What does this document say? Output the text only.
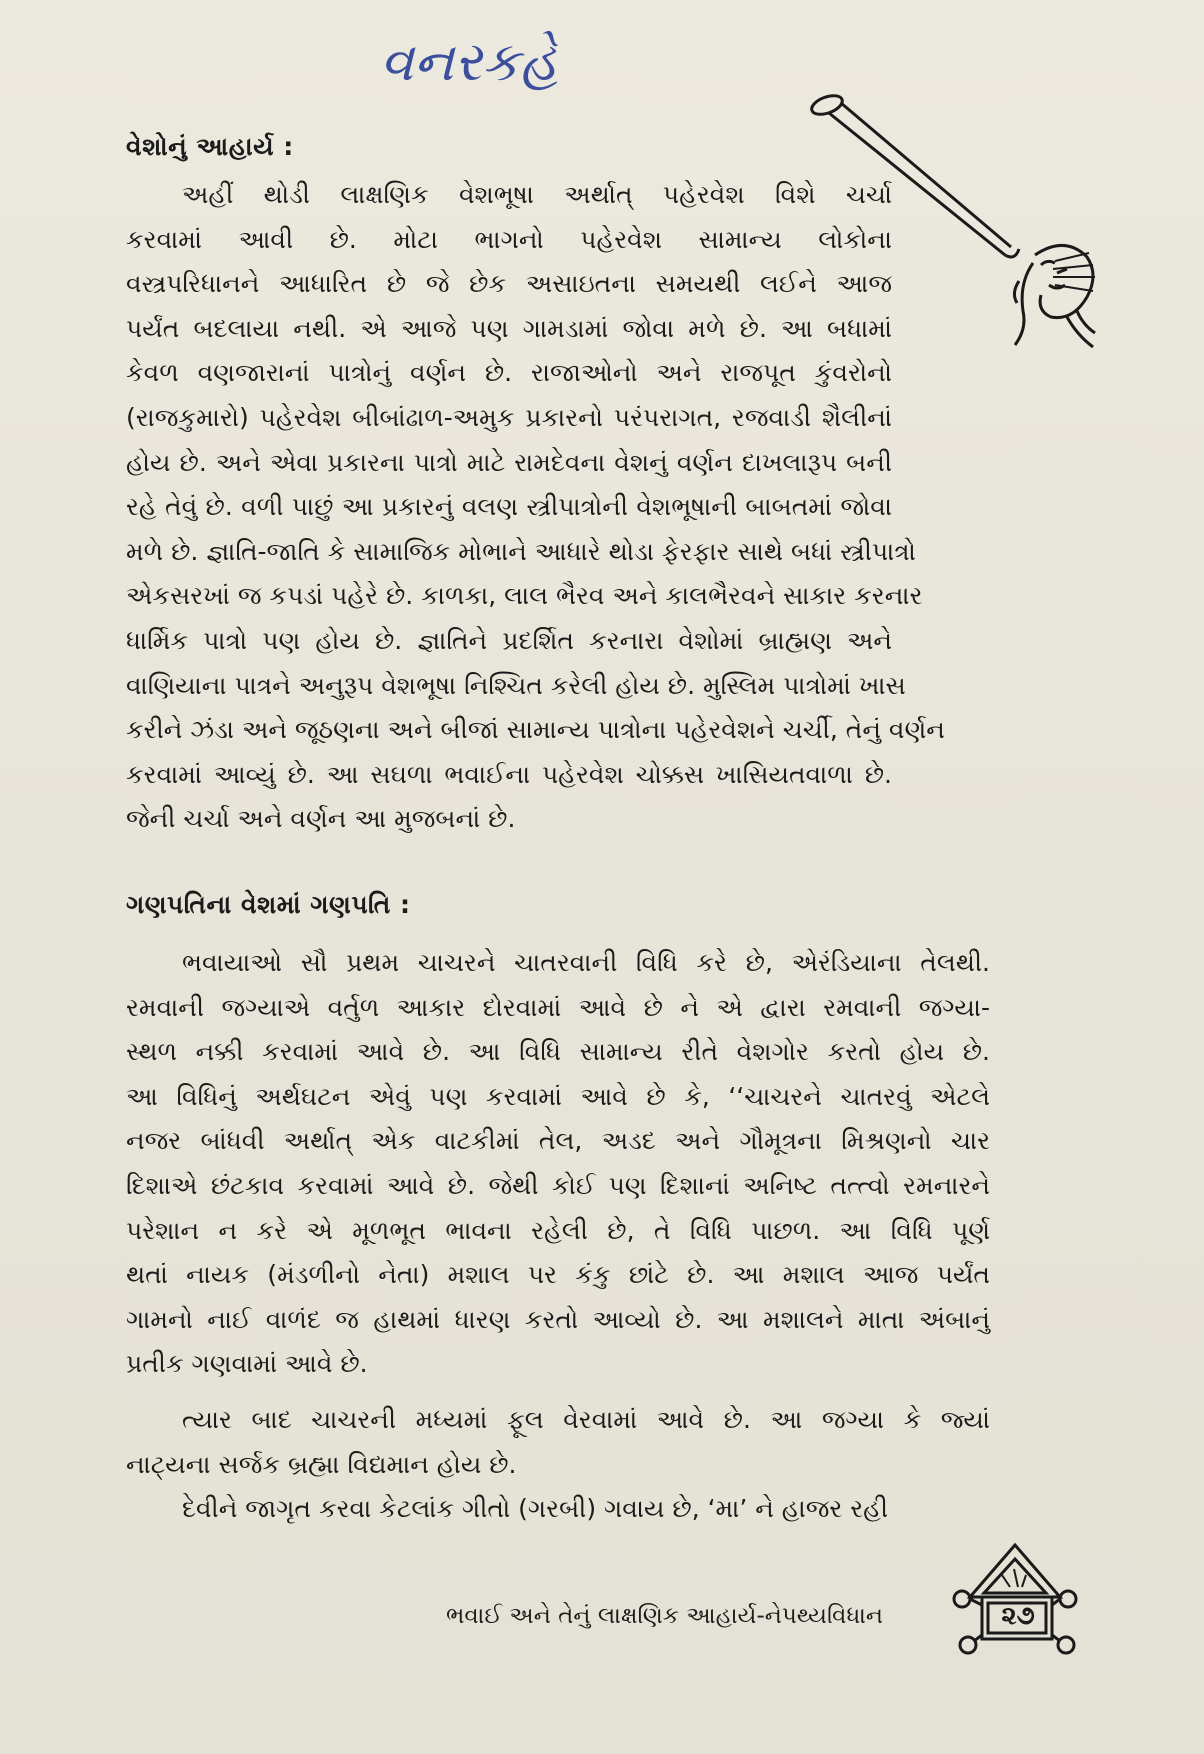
વનરકહે
વેશોનું આહાર્ય :
અહીં થોડી લાક્ષણિક વેશભૂષા અર્થાત્ પહેરવેશ વિશે ચર્ચા
કરવામાં આવી છે. મોટા ભાગનો પહેરવેશ સામાન્ય લોકોના
વસ્ત્રપરિધાનને આધારિત છે જે છેક અસાઇતના સમયથી લઈને આજ
પર્યંત બદલાયા નથી. એ આજે પણ ગામડામાં જોવા મળે છે. આ બધામાં
કેવળ વણજારાનાં પાત્રોનું વર્ણન છે. રાજાઓનો અને રાજપૂત કુંવરોનો
(રાજકુમારો) પહેરવેશ બીબાંઢાળ-અમુક પ્રકારનો પરંપરાગત, રજવાડી શૈલીનાં
હોય છે. અને એવા પ્રકારના પાત્રો માટે રામદેવના વેશનું વર્ણન દાખલારૂપ બની
રહે તેવું છે. વળી પાછું આ પ્રકારનું વલણ સ્ત્રીપાત્રોની વેશભૂષાની બાબતમાં જોવા
મળે છે. જ્ઞાતિ-જાતિ કે સામાજિક મોભાને આધારે થોડા ફેરફાર સાથે બધાં સ્ત્રીપાત્રો
એકસરખાં જ કપડાં પહેરે છે. કાળકા, લાલ ભૈરવ અને કાલભૈરવને સાકાર કરનાર
ધાર્મિક પાત્રો પણ હોય છે. જ્ઞાતિને પ્રદર્શિત કરનારા વેશોમાં બ્રાહ્મણ અને
વાણિયાના પાત્રને અનુરૂપ વેશભૂષા નિશ્ચિત કરેલી હોય છે. મુસ્લિમ પાત્રોમાં ખાસ
કરીને ઝંડા અને જૂઠણના અને બીજાં સામાન્ય પાત્રોના પહેરવેશને ચર્ચી, તેનું વર્ણન
કરવામાં આવ્યું છે. આ સઘળા ભવાઈના પહેરવેશ ચોક્કસ ખાસિયતવાળા છે.
જેની ચર્ચા અને વર્ણન આ મુજબનાં છે.
ગણપતિના વેશમાં ગણપતિ :
ભવાયાઓ સૌ પ્રથમ ચાચરને ચાતરવાની વિધિ કરે છે, એરંડિયાના તેલથી.
રમવાની જગ્યાએ વર્તુળ આકાર દોરવામાં આવે છે ને એ દ્વારા રમવાની જગ્યા-
સ્થળ નક્કી કરવામાં આવે છે. આ વિધિ સામાન્ય રીતે વેશગોર કરતો હોય છે.
આ વિધિનું અર્થઘટન એવું પણ કરવામાં આવે છે કે, ‘‘ચાચરને ચાતરવું એટલે
નજર બાંધવી અર્થાત્ એક વાટકીમાં તેલ, અડદ અને ગૌમૂત્રના મિશ્રણનો ચાર
દિશાએ છંટકાવ કરવામાં આવે છે. જેથી કોઈ પણ દિશાનાં અનિષ્ટ તત્ત્વો રમનારને
પરેશાન ન કરે એ મૂળભૂત ભાવના રહેલી છે, તે વિધિ પાછળ. આ વિધિ પૂર્ણ
થતાં નાયક (મંડળીનો નેતા) મશાલ પર કંકુ છાંટે છે. આ મશાલ આજ પર્યંત
ગામનો નાઈ વાળંદ જ હાથમાં ધારણ કરતો આવ્યો છે. આ મશાલને માતા અંબાનું
પ્રતીક ગણવામાં આવે છે.
ત્યાર બાદ ચાચરની મધ્યમાં ફૂલ વેરવામાં આવે છે. આ જગ્યા કે જ્યાં
નાટ્યના સર્જક બ્રહ્મા વિદ્યમાન હોય છે.
દેવીને જાગૃત કરવા કેટલાંક ગીતો (ગરબી) ગવાય છે, ‘મા’ ને હાજર રહી
ભવાઈ અને તેનું લાક્ષણિક આહાર્ય-નેપથ્યવિધાન	૨૭
